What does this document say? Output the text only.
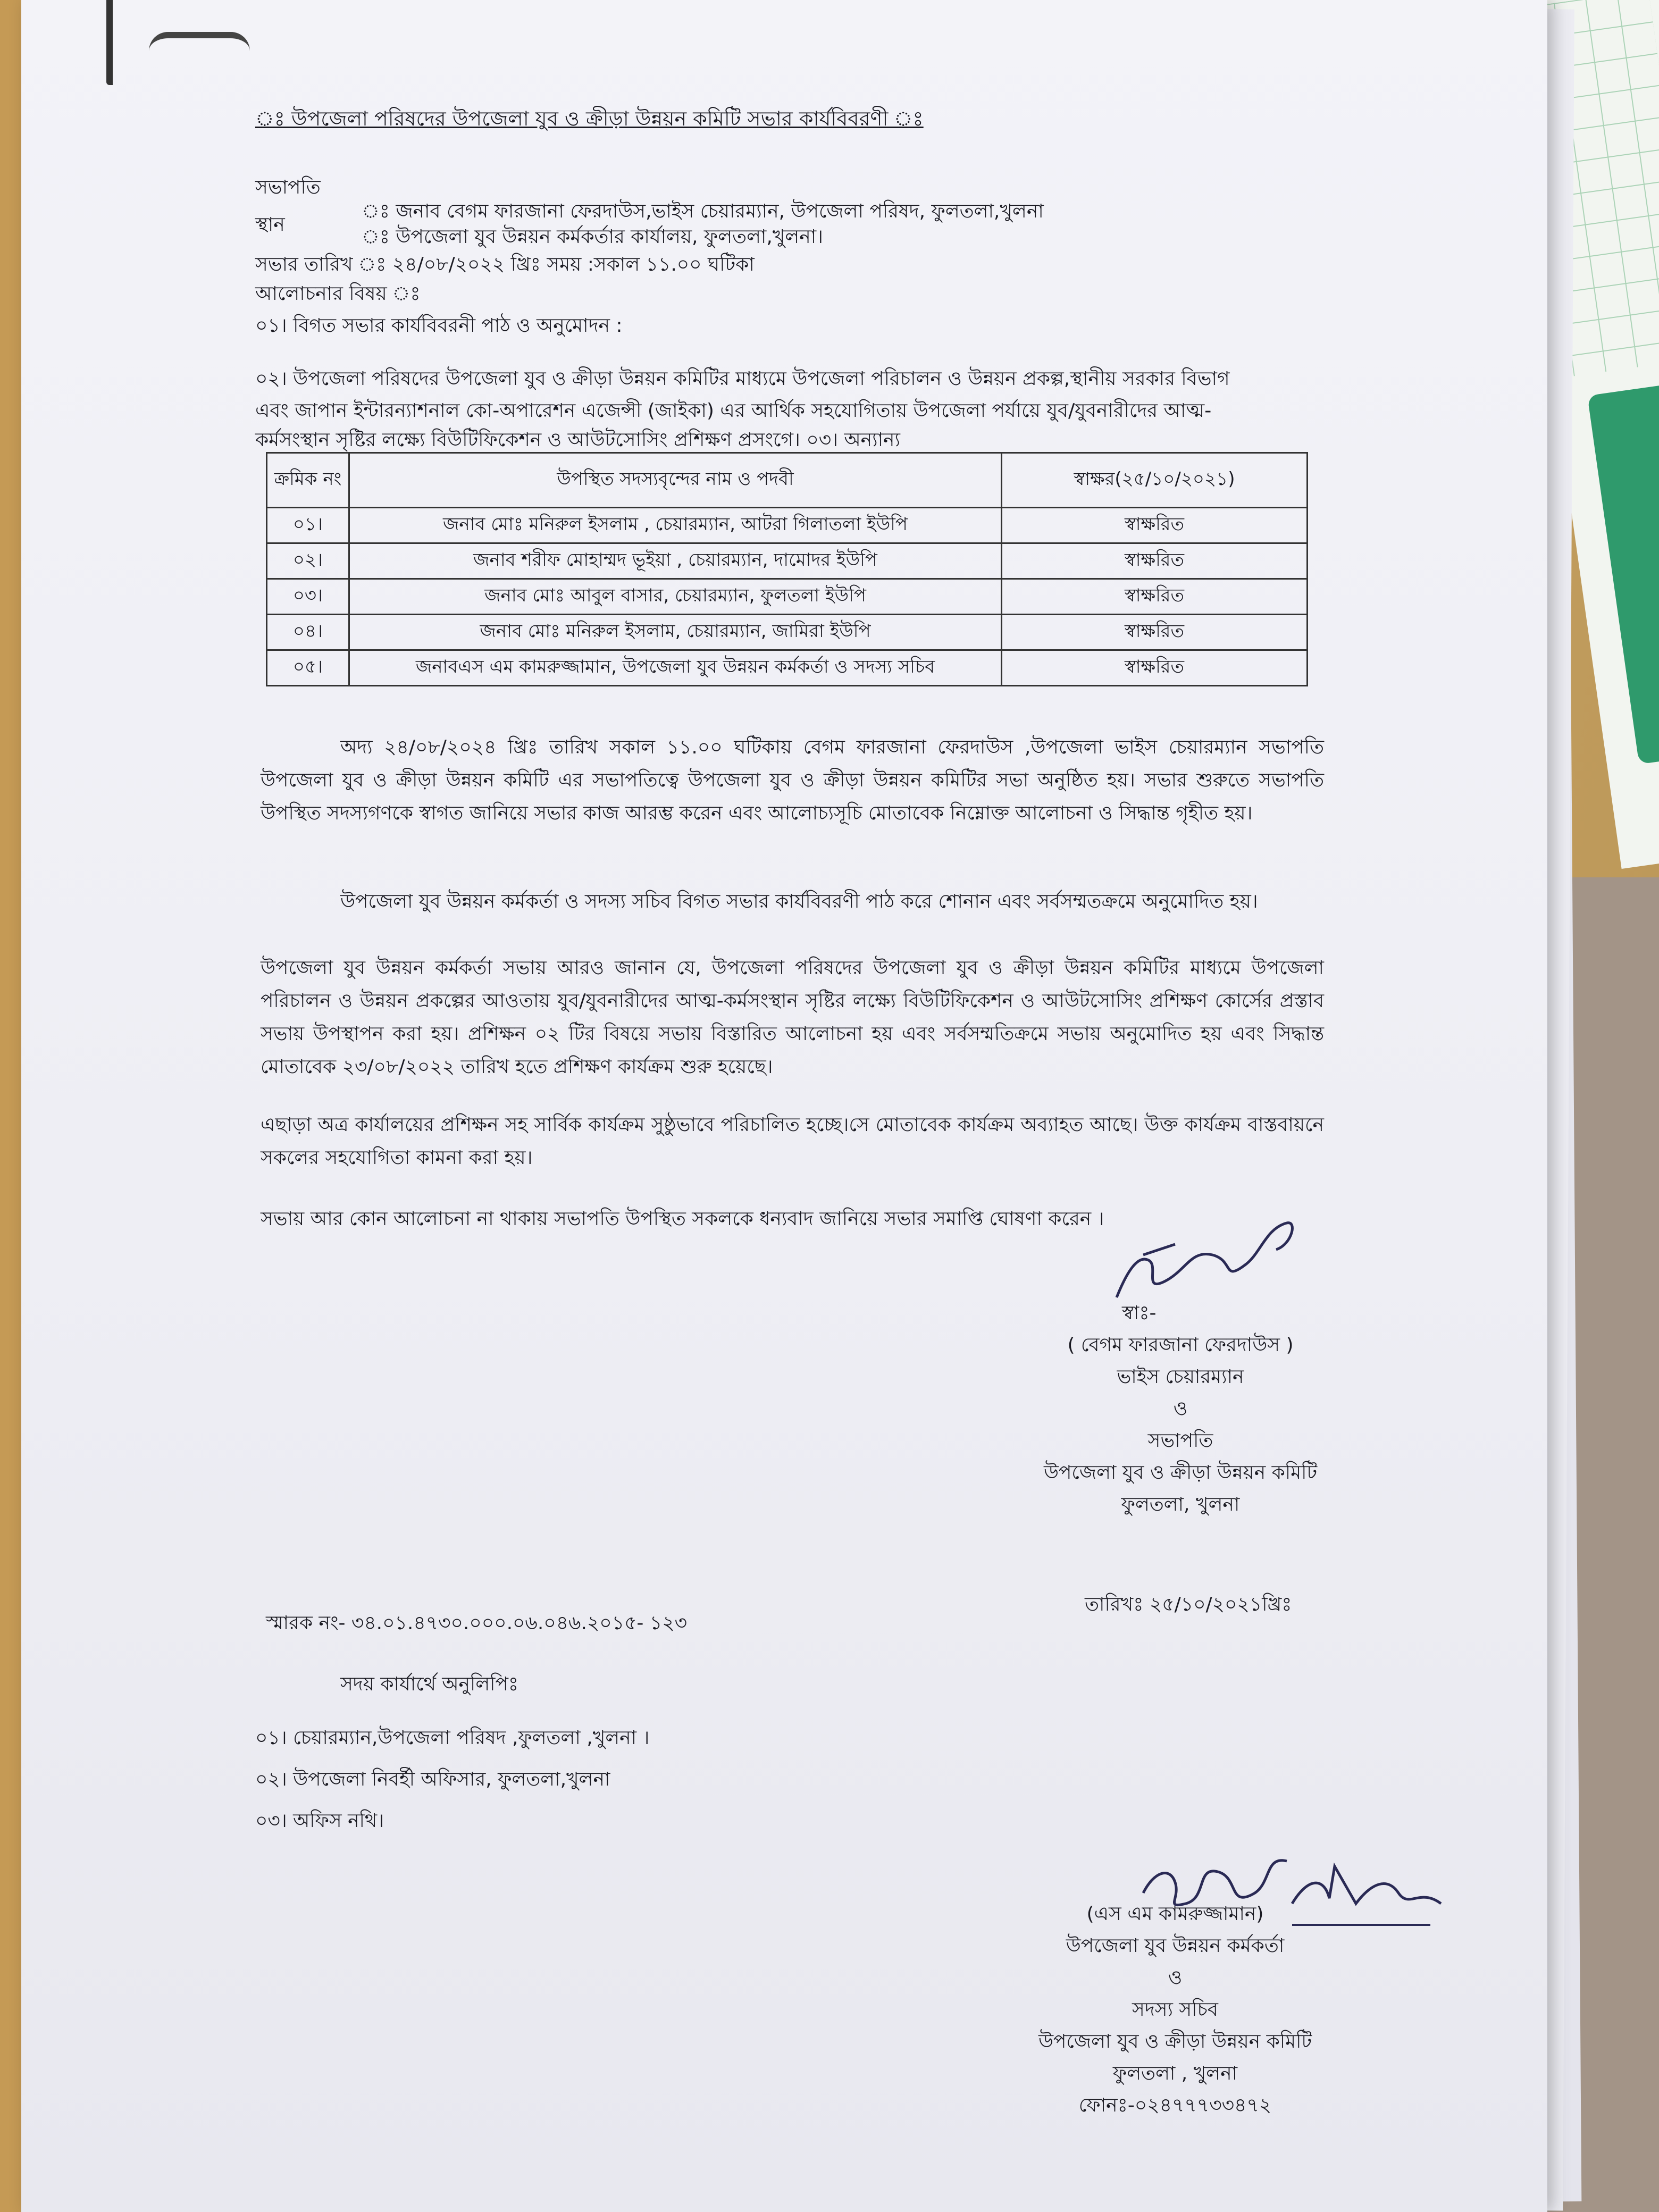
ঃ উপজেলা পরিষদের উপজেলা যুব ও ক্রীড়া উন্নয়ন কমিটি সভার কার্যবিবরণী ঃ
সভাপতি
ঃ জনাব বেগম ফারজানা ফেরদাউস,ভাইস চেয়ারম্যান, উপজেলা পরিষদ, ফুলতলা,খুলনা
স্থান
ঃ উপজেলা যুব উন্নয়ন কর্মকর্তার কার্যালয়, ফুলতলা,খুলনা।
সভার তারিখ ঃ ২৪/০৮/২০২২ খ্রিঃ সময় :সকাল ১১.০০ ঘটিকা
আলোচনার বিষয় ঃ
০১। বিগত সভার কার্যবিবরনী পাঠ ও অনুমোদন :
০২। উপজেলা পরিষদের উপজেলা যুব ও ক্রীড়া উন্নয়ন কমিটির মাধ্যমে উপজেলা পরিচালন ও উন্নয়ন প্রকল্প,স্থানীয় সরকার বিভাগ
এবং জাপান ইন্টারন্যাশনাল কো-অপারেশন এজেন্সী (জাইকা) এর আর্থিক সহযোগিতায় উপজেলা পর্যায়ে যুব/যুবনারীদের আত্ম-
কর্মসংস্থান সৃষ্টির লক্ষ্যে বিউটিফিকেশন ও আউটসোসিং প্রশিক্ষণ প্রসংগে। ০৩। অন্যান্য
ক্রমিক নং	উপস্থিত সদস্যবৃন্দের নাম ও পদবী	স্বাক্ষর(২৫/১০/২০২১)
০১।	জনাব মোঃ মনিরুল ইসলাম , চেয়ারম্যান, আটরা গিলাতলা ইউপি	স্বাক্ষরিত
০২।	জনাব শরীফ মোহাম্মদ ভূইয়া , চেয়ারম্যান, দামোদর ইউপি	স্বাক্ষরিত
০৩।	জনাব মোঃ আবুল বাসার, চেয়ারম্যান, ফুলতলা ইউপি	স্বাক্ষরিত
০৪।	জনাব মোঃ মনিরুল ইসলাম, চেয়ারম্যান, জামিরা ইউপি	স্বাক্ষরিত
০৫।	জনাবএস এম কামরুজ্জামান, উপজেলা যুব উন্নয়ন কর্মকর্তা ও সদস্য সচিব	স্বাক্ষরিত
অদ্য ২৪/০৮/২০২৪ খ্রিঃ তারিখ সকাল ১১.০০ ঘটিকায় বেগম ফারজানা ফেরদাউস ,উপজেলা ভাইস চেয়ারম্যান সভাপতি উপজেলা যুব ও ক্রীড়া উন্নয়ন কমিটি এর সভাপতিত্বে উপজেলা যুব ও ক্রীড়া উন্নয়ন কমিটির সভা অনুষ্ঠিত হয়। সভার শুরুতে সভাপতি উপস্থিত সদস্যগণকে স্বাগত জানিয়ে সভার কাজ আরম্ভ করেন এবং আলোচ্যসূচি মোতাবেক নিম্নোক্ত আলোচনা ও সিদ্ধান্ত গৃহীত হয়।
উপজেলা যুব উন্নয়ন কর্মকর্তা ও সদস্য সচিব বিগত সভার কার্যবিবরণী পাঠ করে শোনান এবং সর্বসম্মতক্রমে অনুমোদিত হয়।
উপজেলা যুব উন্নয়ন কর্মকর্তা সভায় আরও জানান যে, উপজেলা পরিষদের উপজেলা যুব ও ক্রীড়া উন্নয়ন কমিটির মাধ্যমে উপজেলা পরিচালন ও উন্নয়ন প্রকল্পের আওতায় যুব/যুবনারীদের আত্ম-কর্মসংস্থান সৃষ্টির লক্ষ্যে বিউটিফিকেশন ও আউটসোসিং প্রশিক্ষণ কোর্সের প্রস্তাব সভায় উপস্থাপন করা হয়। প্রশিক্ষন ০২ টির বিষয়ে সভায় বিস্তারিত আলোচনা হয় এবং সর্বসম্মতিক্রমে সভায় অনুমোদিত হয় এবং সিদ্ধান্ত মোতাবেক ২৩/০৮/২০২২ তারিখ হতে প্রশিক্ষণ কার্যক্রম শুরু হয়েছে।
এছাড়া অত্র কার্যালয়ের প্রশিক্ষন সহ সার্বিক কার্যক্রম সুষ্ঠুভাবে পরিচালিত হচ্ছে।সে মোতাবেক কার্যক্রম অব্যাহত আছে। উক্ত কার্যক্রম বাস্তবায়নে সকলের সহযোগিতা কামনা করা হয়।
সভায় আর কোন আলোচনা না থাকায় সভাপতি উপস্থিত সকলকে ধন্যবাদ জানিয়ে সভার সমাপ্তি ঘোষণা করেন ।
স্বাঃ-
( বেগম ফারজানা ফেরদাউস )
ভাইস চেয়ারম্যান
ও
সভাপতি
উপজেলা যুব ও ক্রীড়া উন্নয়ন কমিটি
ফুলতলা, খুলনা
তারিখঃ ২৫/১০/২০২১খ্রিঃ
স্মারক নং- ৩৪.০১.৪৭৩০.০০০.০৬.০৪৬.২০১৫- ১২৩
সদয় কার্যার্থে অনুলিপিঃ
০১। চেয়ারম্যান,উপজেলা পরিষদ ,ফুলতলা ,খুলনা ।
০২। উপজেলা নিবর্হী অফিসার, ফুলতলা,খুলনা
০৩। অফিস নথি।
(এস এম কামরুজ্জামান)
উপজেলা যুব উন্নয়ন কর্মকর্তা
ও
সদস্য সচিব
উপজেলা যুব ও ক্রীড়া উন্নয়ন কমিটি
ফুলতলা , খুলনা
ফোনঃ-০২৪৭৭৭৩৩৪৭২
